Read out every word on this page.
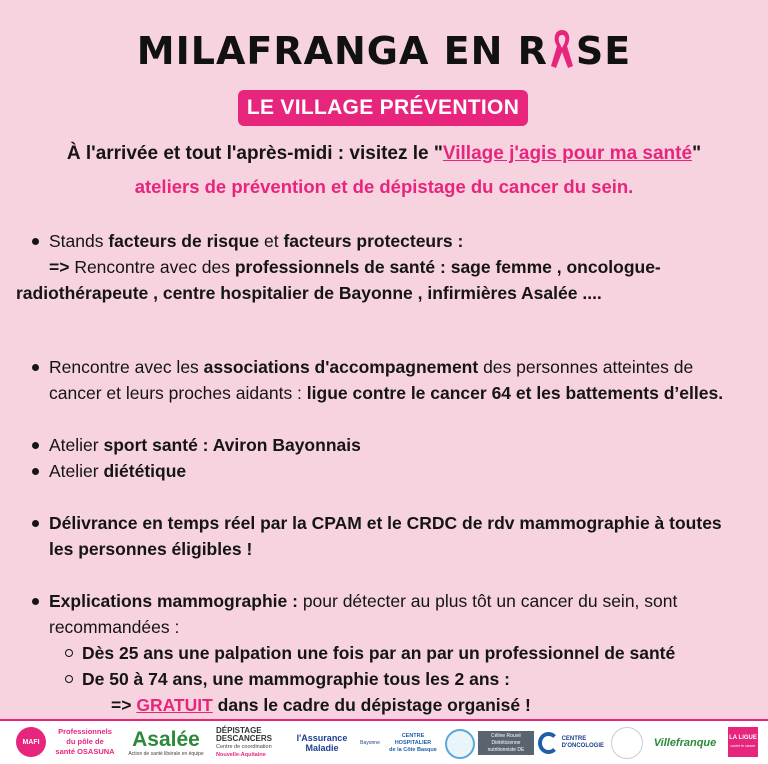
MILAFRANGA EN R SE
LE VILLAGE PRÉVENTION
À l'arrivée et tout l'après-midi : visitez le "Village j'agis pour ma santé"
ateliers de prévention et de dépistage du cancer du sein.
Stands facteurs de risque et facteurs protecteurs :
=> Rencontre avec des professionnels de santé : sage femme , oncologue-
radiothérapeute , centre hospitalier de Bayonne , infirmières Asalée ....
Rencontre avec les associations d'accompagnement des personnes atteintes de
cancer et leurs proches aidants : ligue contre le cancer 64 et les battements d’elles.
Atelier sport santé : Aviron Bayonnais
Atelier diététique
Délivrance en temps réel par la CPAM et le CRDC de rdv mammographie à toutes
les personnes éligibles !
Explications mammographie : pour détecter au plus tôt un cancer du sein, sont
recommandées :
Dès 25 ans une palpation une fois par an par un professionnel de santé
De 50 à 74 ans, une mammographie tous les 2 ans :
=> GRATUIT dans le cadre du dépistage organisé !
MAFI
Professionnels
du pôle de
santé OSASUNA
Asalée
Action de santé libérale en équipe
DÉPISTAGE
DESCANCERS
Centre de coordination
Nouvelle-Aquitaine
l'Assurance
Maladie	Bayonne
CENTRE HOSPITALIER
de la Côte Basque
Céline Rouvé
Diététicienne nutritionniste DE
CENTRE
D'ONCOLOGIE	Villefranque LA LIGUE
contre le cancer
